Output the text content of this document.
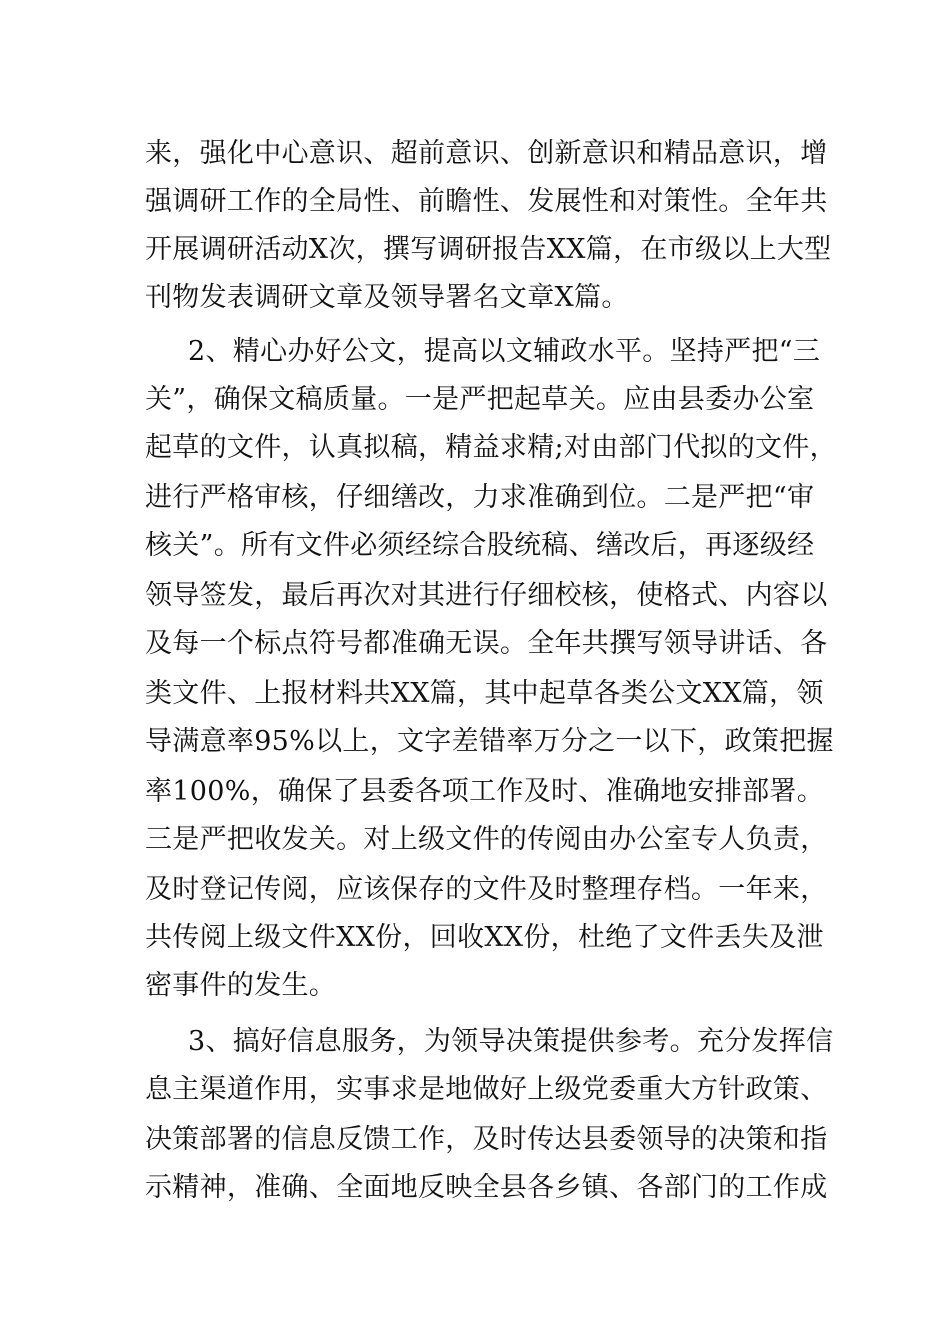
来，强化中心意识、超前意识、创新意识和精品意识，增
强调研工作的全局性、前瞻性、发展性和对策性。全年共
开展调研活动X次，撰写调研报告XX篇，在市级以上大型
刊物发表调研文章及领导署名文章X篇。
2、精心办好公文，提高以文辅政水平。坚持严把“三
关”，确保文稿质量。一是严把起草关。应由县委办公室
起草的文件，认真拟稿，精益求精;对由部门代拟的文件，
进行严格审核，仔细缮改，力求准确到位。二是严把“审
核关”。所有文件必须经综合股统稿、缮改后，再逐级经
领导签发，最后再次对其进行仔细校核，使格式、内容以
及每一个标点符号都准确无误。全年共撰写领导讲话、各
类文件、上报材料共XX篇，其中起草各类公文XX篇，领
导满意率95%以上，文字差错率万分之一以下，政策把握
率100%，确保了县委各项工作及时、准确地安排部署。
三是严把收发关。对上级文件的传阅由办公室专人负责，
及时登记传阅，应该保存的文件及时整理存档。一年来，
共传阅上级文件XX份，回收XX份，杜绝了文件丢失及泄
密事件的发生。
3、搞好信息服务，为领导决策提供参考。充分发挥信
息主渠道作用，实事求是地做好上级党委重大方针政策、
决策部署的信息反馈工作，及时传达县委领导的决策和指
示精神，准确、全面地反映全县各乡镇、各部门的工作成
